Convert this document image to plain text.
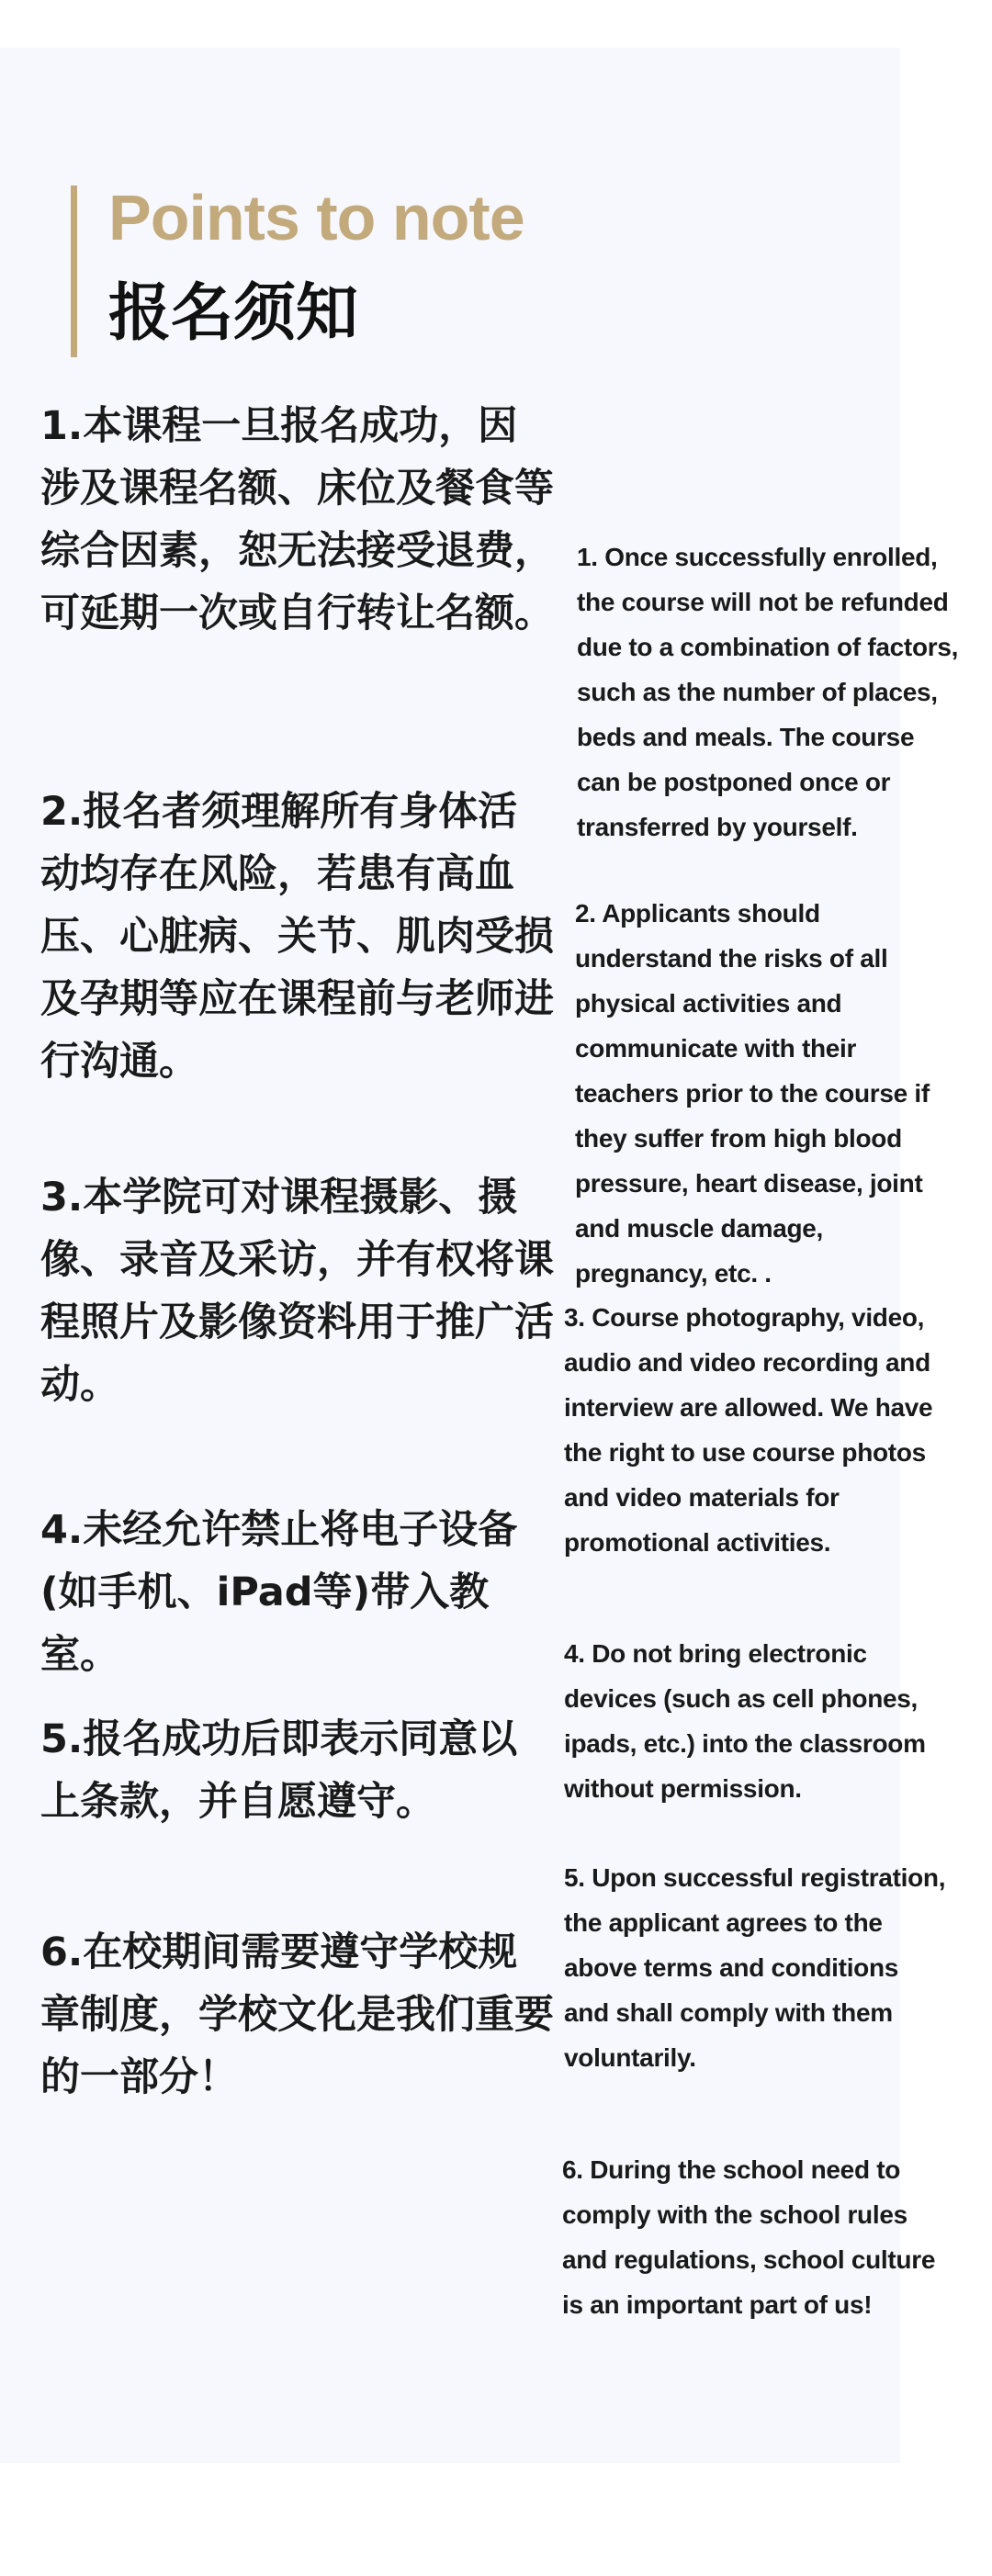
Points to note
报名须知

1.本课程一旦报名成功，因涉及课程名额、床位及餐食等综合因素，恕无法接受退费，可延期一次或自行转让名额。

2.报名者须理解所有身体活动均存在风险，若患有高血压、心脏病、关节、肌肉受损及孕期等应在课程前与老师进行沟通。

3.本学院可对课程摄影、摄像、录音及采访，并有权将课程照片及影像资料用于推广活动。

4.未经允许禁止将电子设备(如手机、iPad等)带入教室。

5.报名成功后即表示同意以上条款，并自愿遵守。

6.在校期间需要遵守学校规章制度，学校文化是我们重要的一部分！

1. Once successfully enrolled, the course will not be refunded due to a combination of factors, such as the number of places, beds and meals. The course can be postponed once or transferred by yourself.

2. Applicants should understand the risks of all physical activities and communicate with their teachers prior to the course if they suffer from high blood pressure, heart disease, joint and muscle damage, pregnancy, etc. .

3. Course photography, video, audio and video recording and interview are allowed. We have the right to use course photos and video materials for promotional activities.

4. Do not bring electronic devices (such as cell phones, ipads, etc.) into the classroom without permission.

5. Upon successful registration, the applicant agrees to the above terms and conditions and shall comply with them voluntarily.

6. During the school need to comply with the school rules and regulations, school culture is an important part of us!
